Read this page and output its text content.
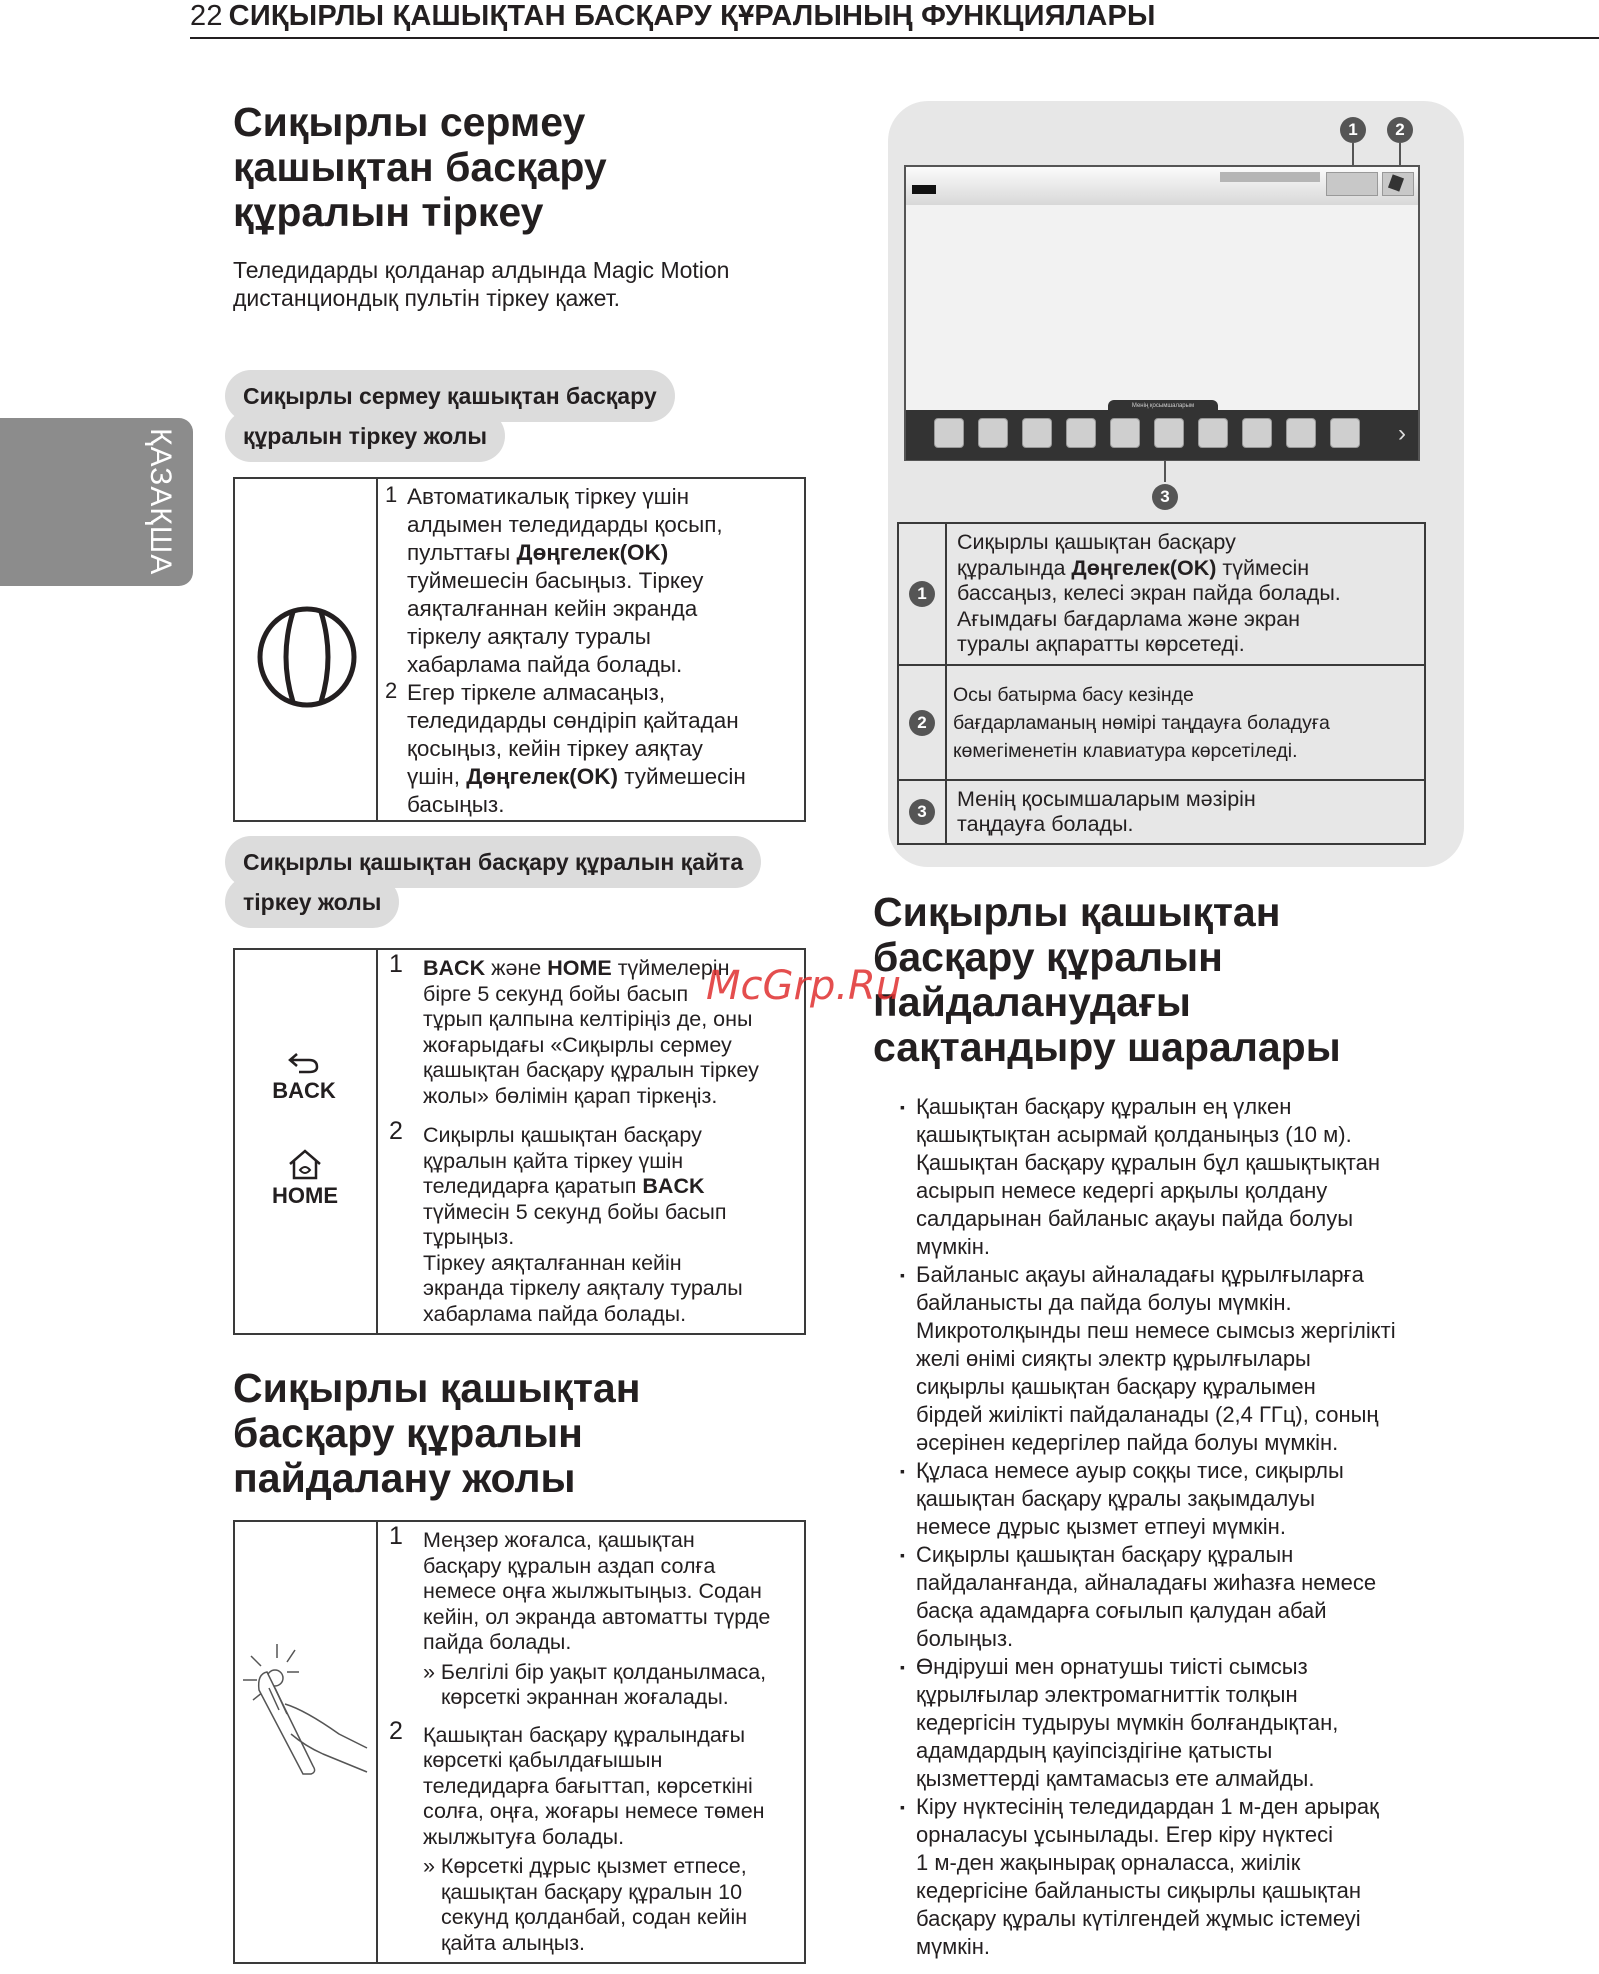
22 СИҚЫРЛЫ ҚАШЫҚТАН БАСҚАРУ ҚҰРАЛЫНЫҢ ФУНКЦИЯЛАРЫ
ҚАЗАҚША
Сиқырлы сермеу
қашықтан басқару
құралын тіркеу
Теледидарды қолданар алдында Magic Motion
дистанциондық пультін тіркеу қажет.
Сиқырлы сермеу қашықтан басқару
құралын тіркеу жолы
1 Автоматикалық тіркеу үшін

алдымен теледидарды қосып,

пульттағы Дөңгелек(OK)

туймешесін басыңыз. Тіркеу

аяқталғаннан кейін экранда

тіркелу аяқталу туралы

хабарлама пайда болады.

2 Егер тіркеле алмасаңыз,

теледидарды сөндіріп қайтадан

қосыңыз, кейін тіркеу аяқтау

үшін, Дөңгелек(OK) туймешесін

басыңыз.

Сиқырлы қашықтан басқару құралын қайта
тіркеу жолы
BACK
HOME
1 BACK және HOME түймелерін

бірге 5 секунд бойы басып

тұрып қалпына келтіріңіз де, оны

жоғарыдағы «Сиқырлы сермеу

қашықтан басқару құралын тіркеу

жолы» бөлімін қарап тіркеңіз.

2 Сиқырлы қашықтан басқару

құралын қайта тіркеу үшін

теледидарға қаратып BACK

түймесін 5 секунд бойы басып

тұрыңыз.

Тіркеу аяқталғаннан кейін

экранда тіркелу аяқталу туралы

хабарлама пайда болады.

Сиқырлы қашықтан
басқару құралын
пайдалану жолы
1 Меңзер жоғалса, қашықтан

басқару құралын аздап солға

немесе оңға жылжытыңыз. Содан

кейін, ол экранда автоматты түрде

пайда болады.

» Белгілі бір уақыт қолданылмаса,

көрсеткі экраннан жоғалады.

2 Қашықтан басқару құралындағы

көрсеткі қабылдағышын

теледидарға бағыттап, көрсеткіні

солға, оңға, жоғары немесе төмен

жылжытуға болады.

» Көрсеткі дұрыс қызмет етпесе,

қашықтан басқару құралын 10

секунд қолданбай, содан кейін

қайта алыңыз.

1	2
Менің қосымшаларым
›
3
1	Сиқырлы қашықтан басқару
құралында Дөңгелек(OK) түймесін
бассаңыз, келесі экран пайда болады.
Ағымдағы бағдарлама және экран
туралы ақпаратты көрсетеді.

2	Осы батырма басу кезінде
бағдарламаның нөмірі таңдауға боладуға
көмегіменетін клавиатура көрсетіледі.

3	Менің қосымшаларым мәзірін
таңдауға болады.
Сиқырлы қашықтан
басқару құралын
пайдаланудағы
сақтандыру шаралары
▪ Қашықтан басқару құралын ең үлкен
қашықтықтан асырмай қолданыңыз (10 м).
Қашықтан басқару құралын бұл қашықтықтан
асырып немесе кедергі арқылы қолдану
салдарынан байланыс ақауы пайда болуы
мүмкін.
▪ Байланыс ақауы айналадағы құрылғыларға
байланысты да пайда болуы мүмкін.
Микротолқынды пеш немесе сымсыз жергілікті
желі өнімі сияқты электр құрылғылары
сиқырлы қашықтан басқару құралымен
бірдей жиілікті пайдаланады (2,4 ГГц), соның
әсерінен кедергілер пайда болуы мүмкін.
▪ Құласа немесе ауыр соққы тисе, сиқырлы
қашықтан басқару құралы зақымдалуы
немесе дұрыс қызмет етпеуі мүмкін.
▪ Сиқырлы қашықтан басқару құралын
пайдаланғанда, айналадағы жиһазға немесе
басқа адамдарға соғылып қалудан абай
болыңыз.
▪ Өндіруші мен орнатушы тиісті сымсыз
құрылғылар электромагниттік толқын
кедергісін тудыруы мүмкін болғандықтан,
адамдардың қауіпсіздігіне қатысты
қызметтерді қамтамасыз ете алмайды.
▪ Кіру нүктесінің теледидардан 1 м-ден арырақ
орналасуы ұсынылады. Егер кіру нүктесі
1 м-ден жақынырақ орналасса, жиілік
кедергісіне байланысты сиқырлы қашықтан
басқару құралы күтілгендей жұмыс істемеуі
мүмкін.
McGrp.Ru
